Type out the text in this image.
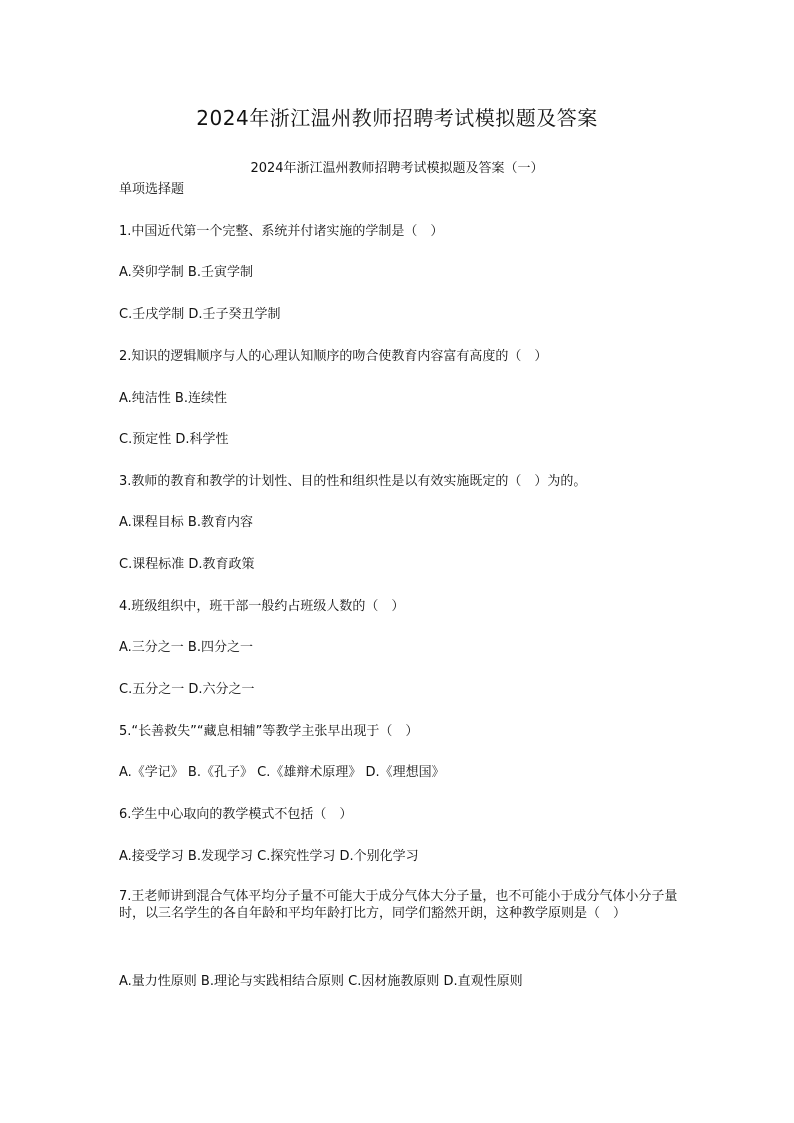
2024年浙江温州教师招聘考试模拟题及答案
2024年浙江温州教师招聘考试模拟题及答案（一）
单项选择题
1.中国近代第一个完整、系统并付诸实施的学制是（　）
A.癸卯学制 B.壬寅学制
C.壬戌学制 D.壬子癸丑学制
2.知识的逻辑顺序与人的心理认知顺序的吻合使教育内容富有高度的（　）
A.纯洁性 B.连续性
C.预定性 D.科学性
3.教师的教育和教学的计划性、目的性和组织性是以有效实施既定的（　）为的。
A.课程目标 B.教育内容
C.课程标准 D.教育政策
4.班级组织中，班干部一般约占班级人数的（　）
A.三分之一 B.四分之一
C.五分之一 D.六分之一
5.“长善救失”“藏息相辅”等教学主张早出现于（　）
A.《学记》 B.《孔子》 C.《雄辩术原理》 D.《理想国》
6.学生中心取向的教学模式不包括（　）
A.接受学习 B.发现学习 C.探究性学习 D.个别化学习
7.王老师讲到混合气体平均分子量不可能大于成分气体大分子量，也不可能小于成分气体小分子量时，以三名学生的各自年龄和平均年龄打比方，同学们豁然开朗，这种教学原则是（　）
A.量力性原则 B.理论与实践相结合原则 C.因材施教原则 D.直观性原则
